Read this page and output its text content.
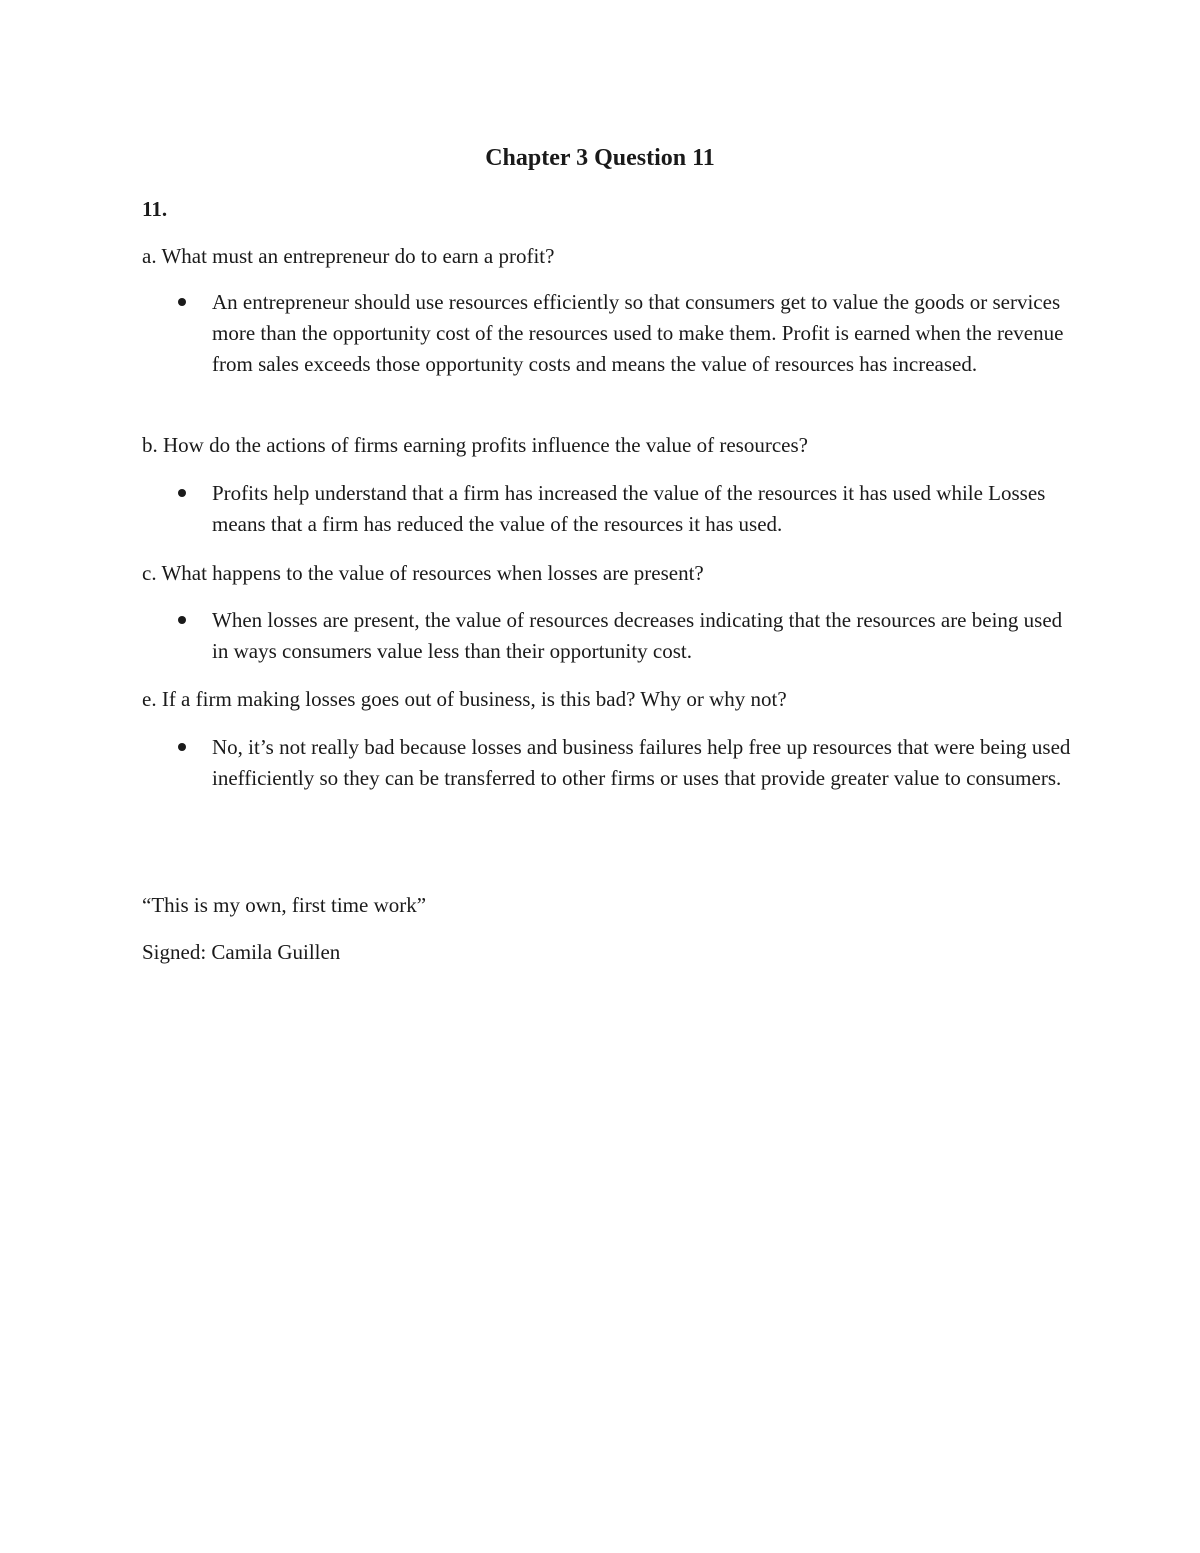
Chapter 3 Question 11
11.
a. What must an entrepreneur do to earn a profit?
An entrepreneur should use resources efficiently so that consumers get to value the goods or services more than the opportunity cost of the resources used to make them. Profit is earned when the revenue from sales exceeds those opportunity costs and means the value of resources has increased.
b. How do the actions of firms earning profits influence the value of resources?
Profits help understand that a firm has increased the value of the resources it has used while Losses means that a firm has reduced the value of the resources it has used.
c. What happens to the value of resources when losses are present?
When losses are present, the value of resources decreases indicating that the resources are being used in ways consumers value less than their opportunity cost.
e. If a firm making losses goes out of business, is this bad? Why or why not?
No, it’s not really bad because losses and business failures help free up resources that were being used inefficiently so they can be transferred to other firms or uses that provide greater value to consumers.
“This is my own, first time work”
Signed: Camila Guillen
